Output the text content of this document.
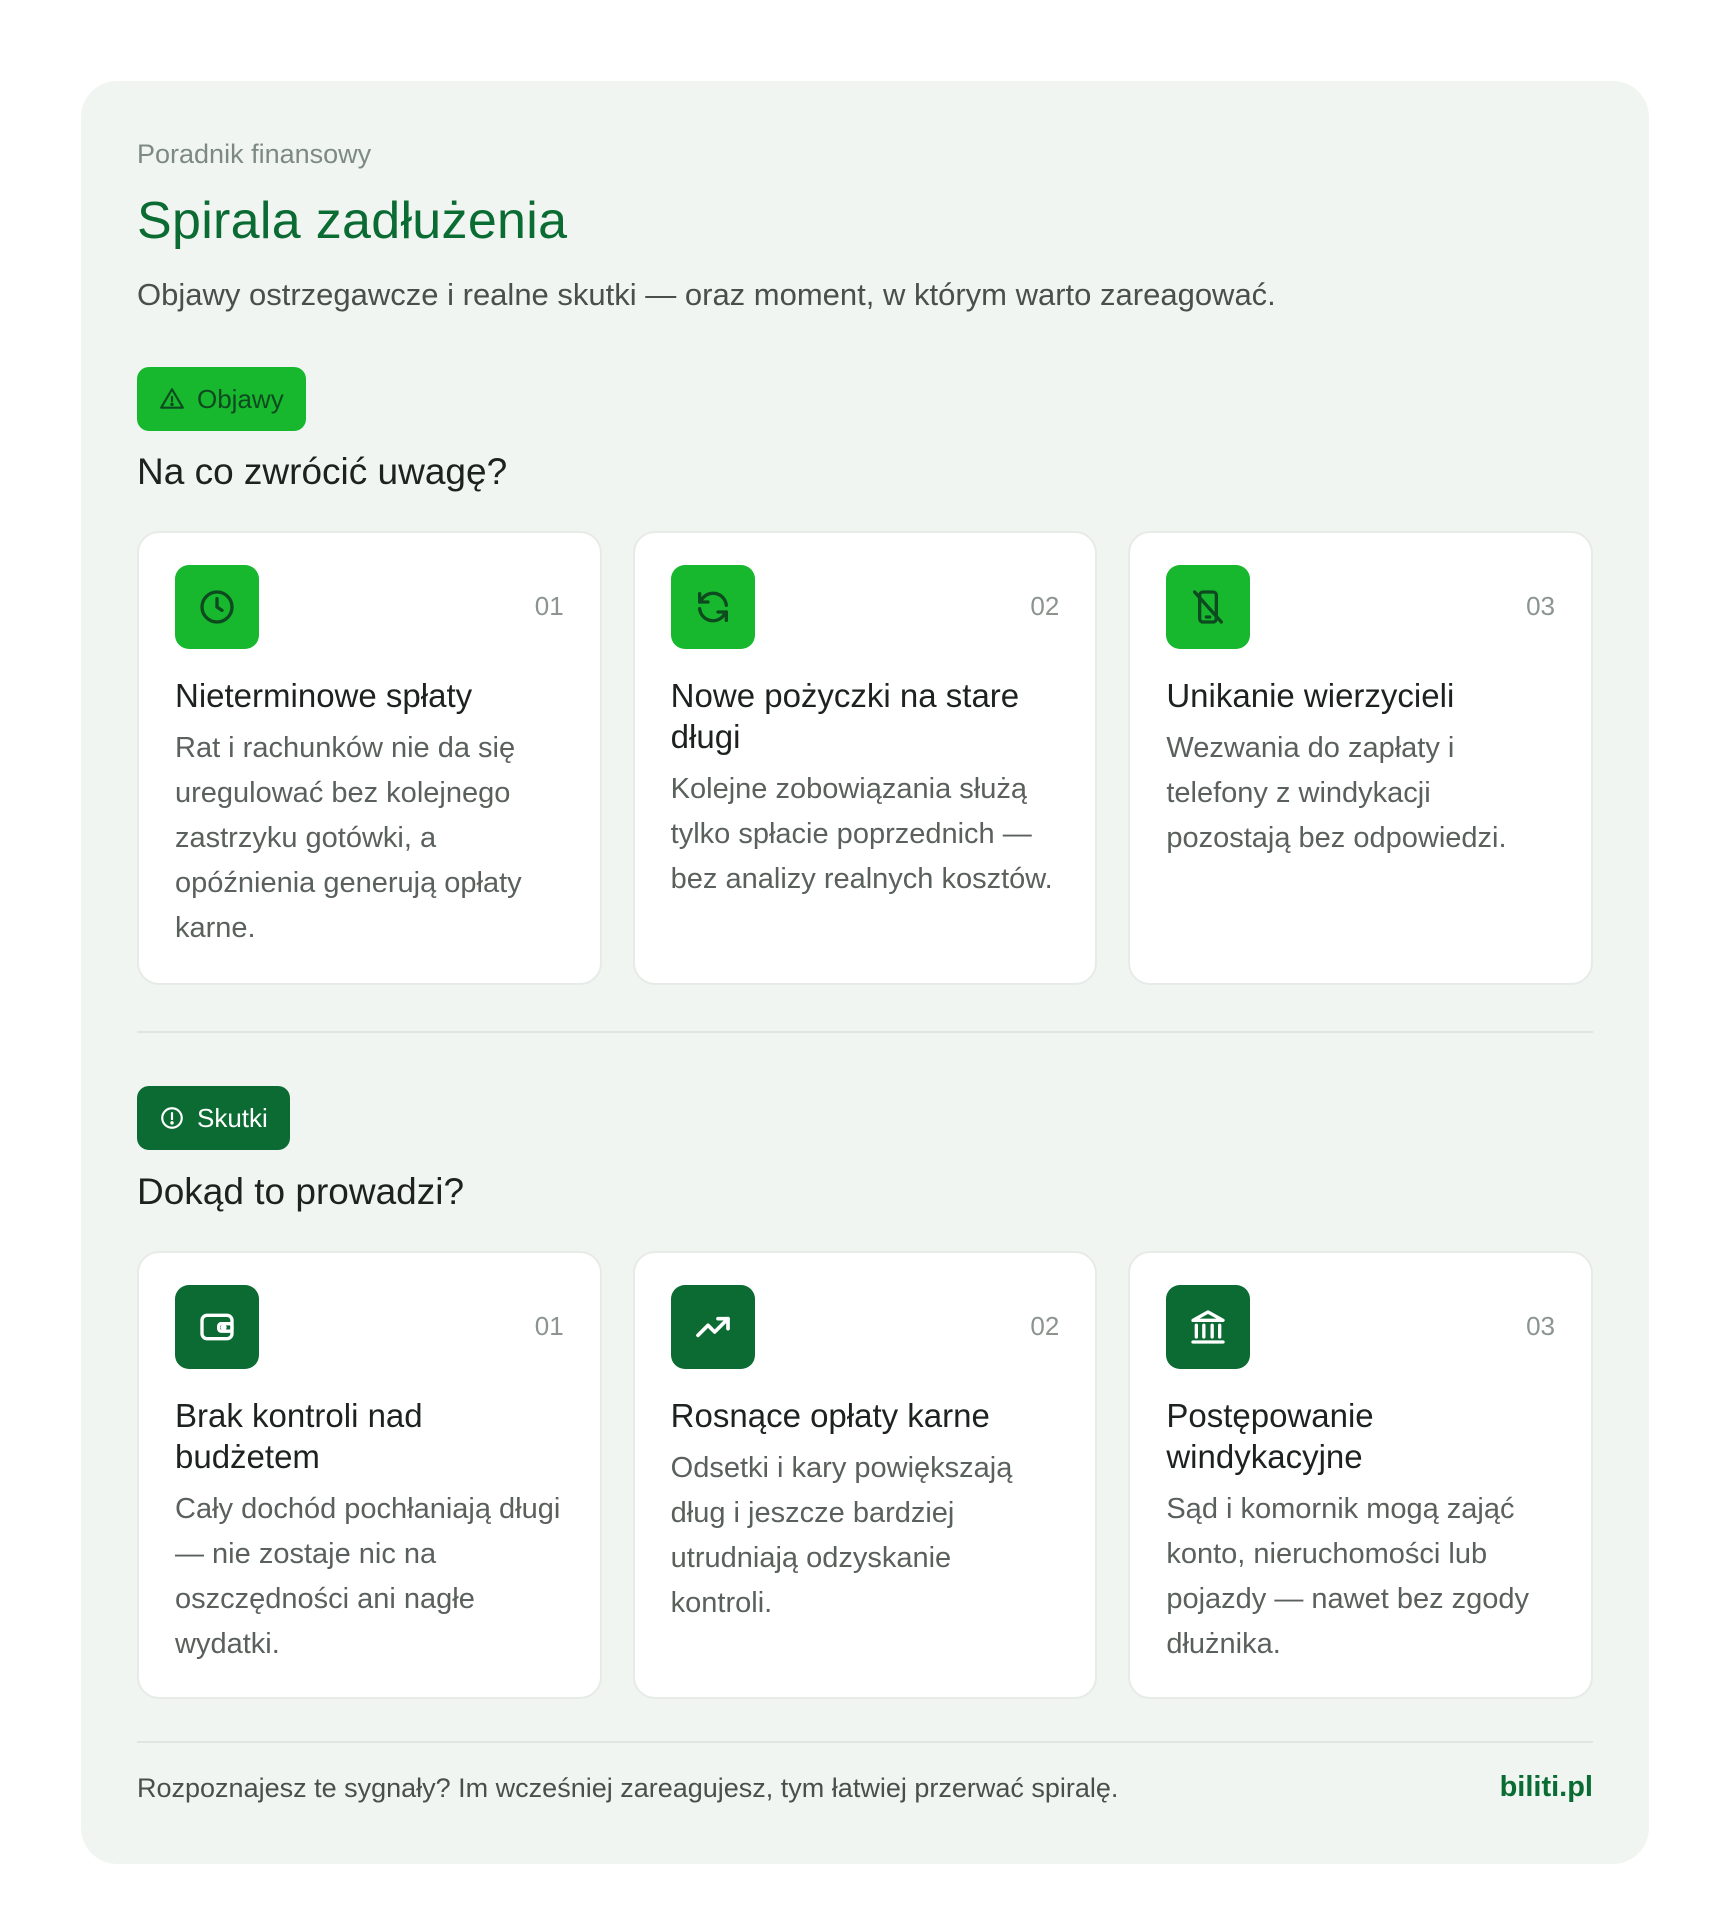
Poradnik finansowy

Spirala zadłużenia

Objawy ostrzegawcze i realne skutki — oraz moment, w którym warto zareagować.

Objawy
Na co zwrócić uwagę?
01
Nieterminowe spłaty

Rat i rachunków nie da się uregulować bez kolejnego zastrzyku gotówki, a opóźnienia generują opłaty karne.

02
Nowe pożyczki na stare długi

Kolejne zobowiązania służą tylko spłacie poprzednich — bez analizy realnych kosztów.

03
Unikanie wierzycieli

Wezwania do zapłaty i telefony z windykacji pozostają bez odpowiedzi.

Skutki
Dokąd to prowadzi?
01
Brak kontroli nad budżetem

Cały dochód pochłaniają długi — nie zostaje nic na oszczędności ani nagłe wydatki.

02
Rosnące opłaty karne

Odsetki i kary powiększają dług i jeszcze bardziej utrudniają odzyskanie kontroli.

03
Postępowanie windykacyjne

Sąd i komornik mogą zająć konto, nieruchomości lub pojazdy — nawet bez zgody dłużnika.

Rozpoznajesz te sygnały? Im wcześniej zareagujesz, tym łatwiej przerwać spiralę.	biliti.pl
